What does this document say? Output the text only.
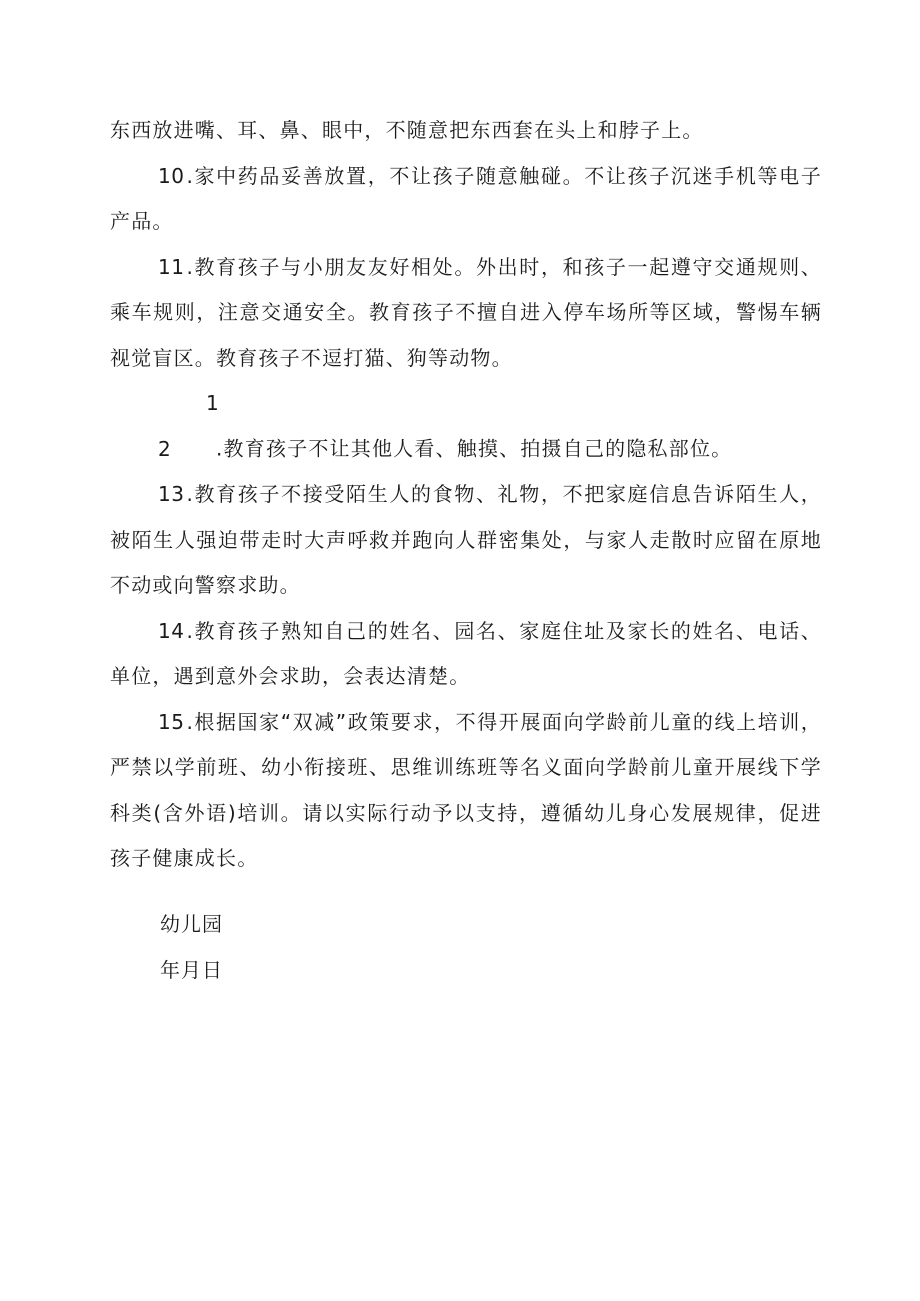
东西放进嘴、耳、鼻、眼中，不随意把东西套在头上和脖子上。

10 .家中药品妥善放置，不让孩子随意触碰。不让孩子沉迷手机等电子产品。

11 .教育孩子与小朋友友好相处。外出时，和孩子一起遵守交通规则、乘车规则，注意交通安全。教育孩子不擅自进入停车场所等区域，警惕车辆视觉盲区。教育孩子不逗打猫、狗等动物。

12 .教育孩子不让其他人看、触摸、拍摄自己的隐私部位。

13 .教育孩子不接受陌生人的食物、礼物，不把家庭信息告诉陌生人，被陌生人强迫带走时大声呼救并跑向人群密集处，与家人走散时应留在原地不动或向警察求助。

14 .教育孩子熟知自己的姓名、园名、家庭住址及家长的姓名、电话、单位，遇到意外会求助，会表达清楚。

15 .根据国家“双减”政策要求，不得开展面向学龄前儿童的线上培训，严禁以学前班、幼小衔接班、思维训练班等名义面向学龄前儿童开展线下学科类(含外语)培训。请以实际行动予以支持，遵循幼儿身心发展规律，促进孩子健康成长。

幼儿园
年月日
